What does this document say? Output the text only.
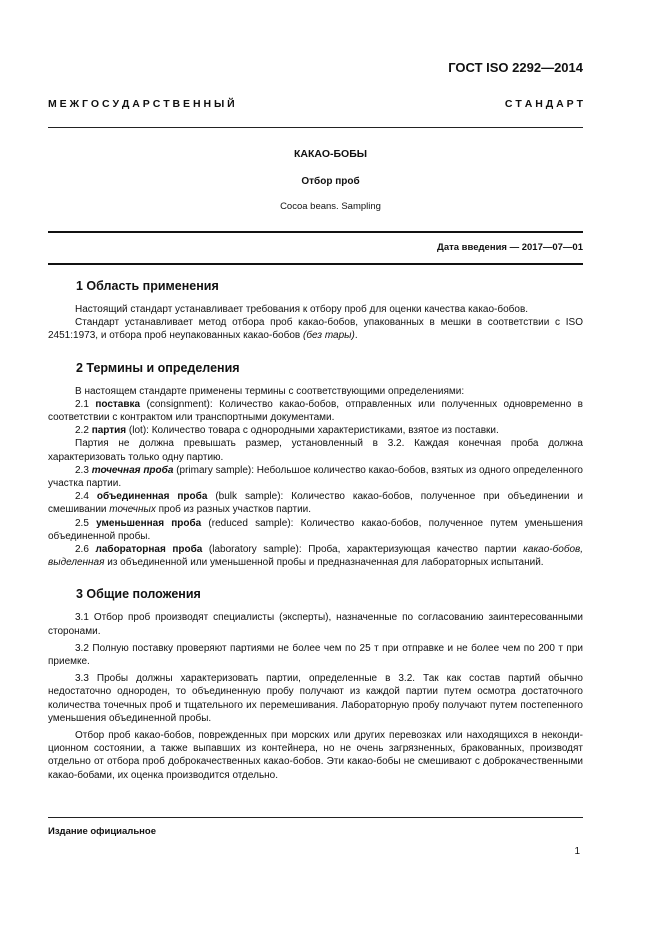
ГОСТ ISO 2292—2014
М Е Ж Г О С У Д А Р С Т В Е Н Н Ы Й	С Т А Н Д А Р Т
КАКАО-БОБЫ
Отбор проб
Cocoa beans. Sampling
Дата введения — 2017—07—01
1 Область применения

Настоящий стандарт устанавливает требования к отбору проб для оценки качества какао-бобов.

Стандарт устанавливает метод отбора проб какао-бобов, упакованных в мешки в соответствии с ISO 2451:1973, и отбора проб неупакованных какао-бобов (без тары).

2 Термины и определения

В настоящем стандарте применены термины с соответствующими определениями:

2.1 поставка (consignment): Количество какао-бобов, отправленных или полученных одновременно в соответствии с контрактом или транспортными документами.

2.2 партия (lot): Количество товара с однородными характеристиками, взятое из поставки.

Партия не должна превышать размер, установленный в 3.2. Каждая конечная проба должна характеризовать только одну партию.

2.3 точечная проба (primary sample): Небольшое количество какао-бобов, взятых из одного определенного участка партии.

2.4 объединенная проба (bulk sample): Количество какао-бобов, полученное при объединении и смешивании точечных проб из разных участков партии.

2.5 уменьшенная проба (reduced sample): Количество какао-бобов, полученное путем уменьшения объединенной пробы.

2.6 лабораторная проба (laboratory sample): Проба, характеризующая качество партии какао-бобов, выделенная из объединенной или уменьшенной пробы и предназначенная для лабораторных испытаний.

3 Общие положения

3.1 Отбор проб производят специалисты (эксперты), назначенные по согласованию заинтересованными сторонами.

3.2 Полную поставку проверяют партиями не более чем по 25 т при отправке и не более чем по 200 т при приемке.

3.3 Пробы должны характеризовать партии, определенные в 3.2. Так как состав партий обычно недостаточно однороден, то объединенную пробу получают из каждой партии путем осмотра достаточного количества точечных проб и тщательного их перемешивания. Лабораторную пробу получают путем постепенного уменьшения объединенной пробы.

Отбор проб какао-бобов, поврежденных при морских или других перевозках или находящихся в некондиционном состоянии, а также выпавших из контейнера, но не очень загрязненных, бракованных, производят отдельно от отбора проб доброкачественных какао-бобов. Эти какао-бобы не смешивают с доброкачественными какао-бобами, их оценка производится отдельно.

Издание официальное
1
